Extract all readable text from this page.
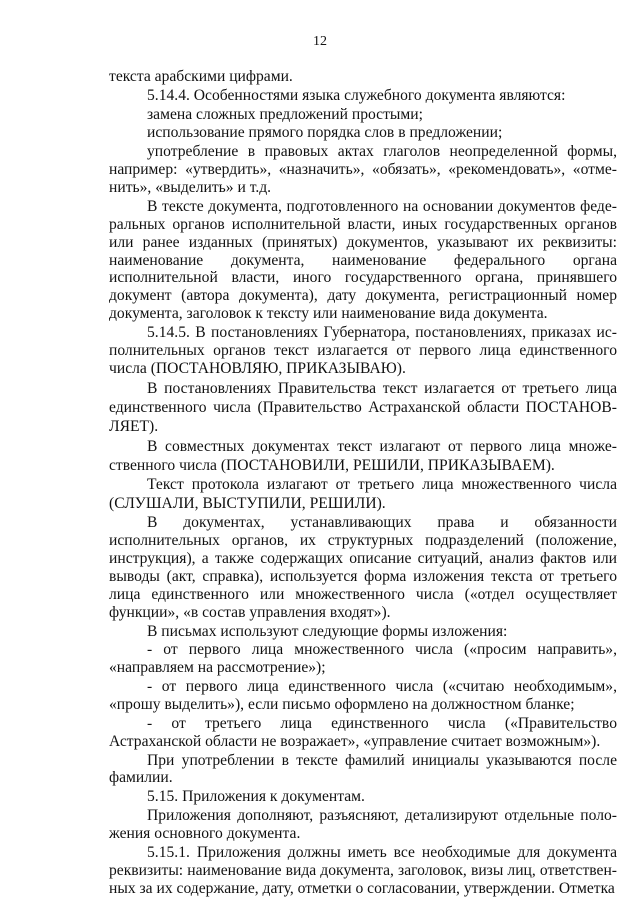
12

текста арабскими цифрами.

5.14.4. Особенностями языка служебного документа являются:

замена сложных предложений простыми;

использование прямого порядка слов в предложении;

употребление в правовых актах глаголов неопределенной формы, например: «утвердить», «назначить», «обязать», «рекомендовать», «отменить», «выделить» и т.д.

В тексте документа, подготовленного на основании документов федеральных органов исполнительной власти, иных государственных органов или ранее изданных (принятых) документов, указывают их реквизиты: наименование документа, наименование федерального органа исполнительной власти, иного государственного органа, принявшего документ (автора документа), дату документа, регистрационный номер документа, заголовок к тексту или наименование вида документа.

5.14.5. В постановлениях Губернатора, постановлениях, приказах исполнительных органов текст излагается от первого лица единственного числа (ПОСТАНОВЛЯЮ, ПРИКАЗЫВАЮ).

В постановлениях Правительства текст излагается от третьего лица единственного числа (Правительство Астраханской области ПОСТАНОВЛЯЕТ).

В совместных документах текст излагают от первого лица множественного числа (ПОСТАНОВИЛИ, РЕШИЛИ, ПРИКАЗЫВАЕМ).

Текст протокола излагают от третьего лица множественного числа (СЛУШАЛИ, ВЫСТУПИЛИ, РЕШИЛИ).

В документах, устанавливающих права и обязанности исполнительных органов, их структурных подразделений (положение, инструкция), а также содержащих описание ситуаций, анализ фактов или выводы (акт, справка), используется форма изложения текста от третьего лица единственного или множественного числа («отдел осуществляет функции», «в состав управления входят»).

В письмах используют следующие формы изложения:

- от первого лица множественного числа («просим направить», «направляем на рассмотрение»);

- от первого лица единственного числа («считаю необходимым», «прошу выделить»), если письмо оформлено на должностном бланке;

- от третьего лица единственного числа («Правительство Астраханской области не возражает», «управление считает возможным»).

При употреблении в тексте фамилий инициалы указываются после фамилии.

5.15. Приложения к документам.

Приложения дополняют, разъясняют, детализируют отдельные положения основного документа.

5.15.1. Приложения должны иметь все необходимые для документа реквизиты: наименование вида документа, заголовок, визы лиц, ответственных за их содержание, дату, отметки о согласовании, утверждении. Отметка
